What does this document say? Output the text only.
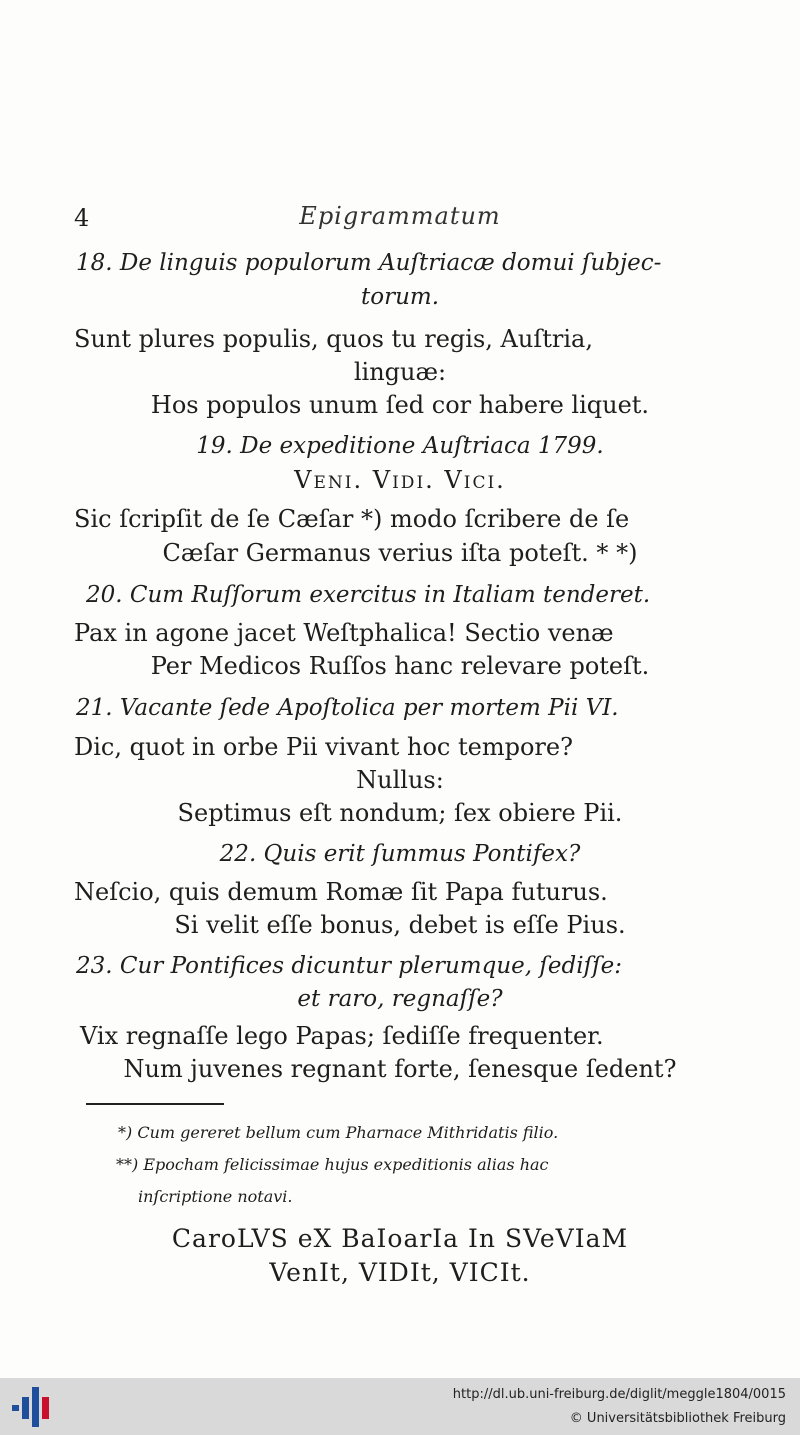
4	Epigrammatum
18. De linguis populorum Auſtriacæ domui ſubjec-
torum.
Sunt plures populis, quos tu regis, Auſtria,
linguæ:
Hos populos unum ſed cor habere liquet.
19. De expeditione Auſtriaca 1799.
Veni. Vidi. Vici.
Sic ſcripſit de ſe Cæſar *) modo ſcribere de ſe
Cæſar Germanus verius iſta poteſt. * *)
20. Cum Ruſſorum exercitus in Italiam tenderet.
Pax in agone jacet Weſtphalica! Sectio venæ
Per Medicos Ruſſos hanc relevare poteſt.
21. Vacante ſede Apoſtolica per mortem Pii VI.
Dic, quot in orbe Pii vivant hoc tempore?
Nullus:
Septimus eſt nondum; ſex obiere Pii.
22. Quis erit ſummus Pontifex?
Neſcio, quis demum Romæ ſit Papa futurus.
Si velit eſſe bonus, debet is eſſe Pius.
23. Cur Pontifices dicuntur plerumque, ſediſſe:
et raro, regnaſſe?
Vix regnaſſe lego Papas; ſediſſe frequenter.
Num juvenes regnant forte, ſenesque ſedent?
*) Cum gereret bellum cum Pharnace Mithridatis filio.
**) Epocham felicissimae hujus expeditionis alias hac
inſcriptione notavi.
CaroLVS eX BaIoarIa In SVeVIaM
VenIt, VIDIt, VICIt.
http://dl.ub.uni-freiburg.de/diglit/meggle1804/0015
© Universitätsbibliothek Freiburg
